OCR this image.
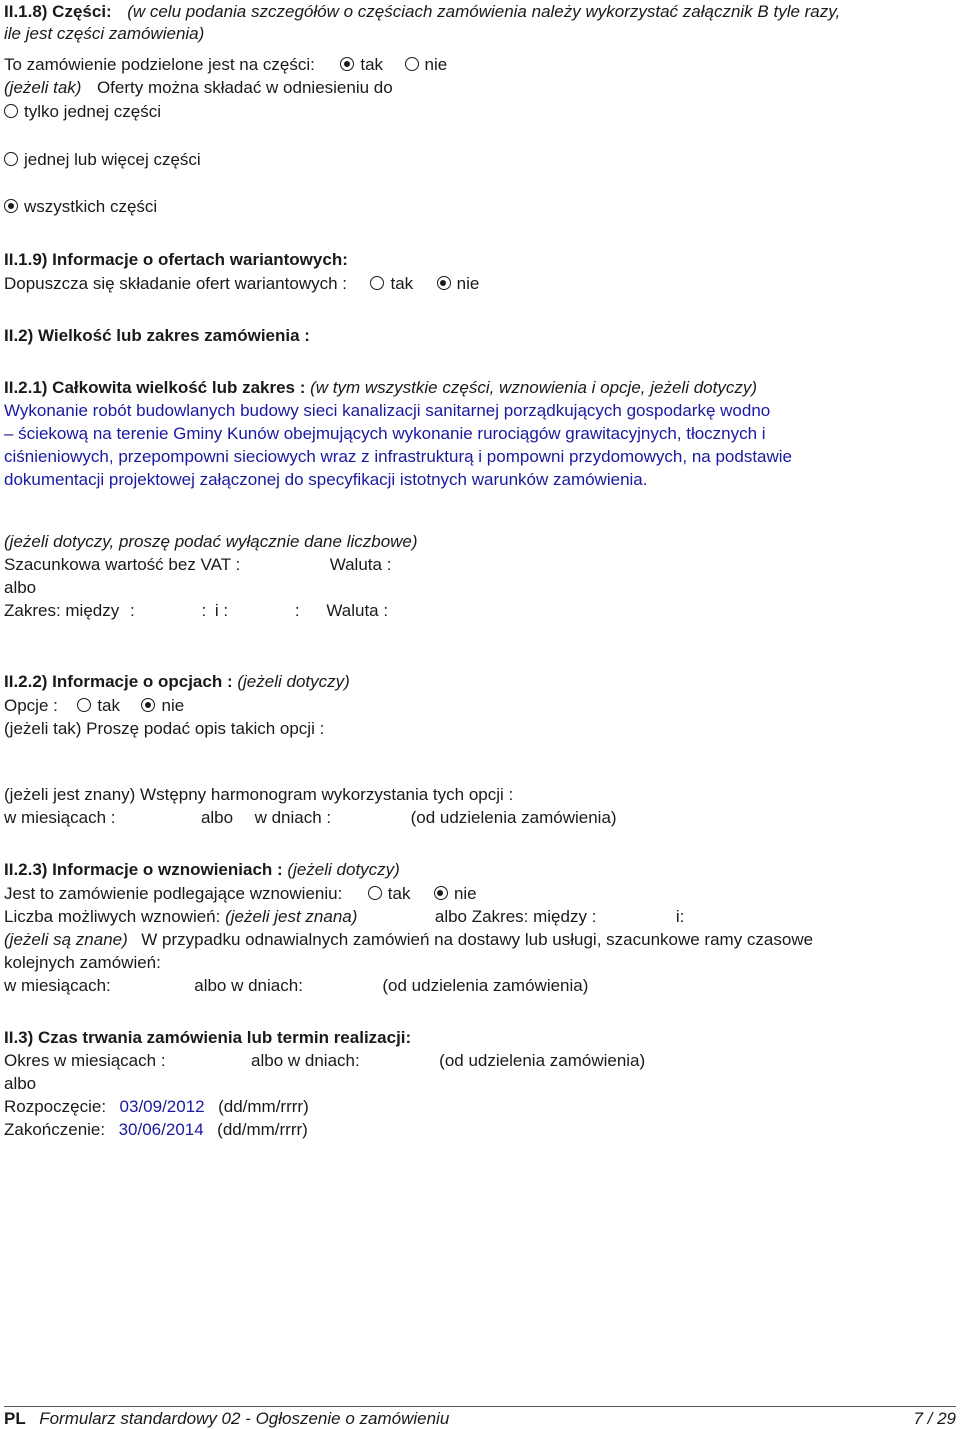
II.1.8) Części: (w celu podania szczegółów o częściach zamówienia należy wykorzystać załącznik B tyle razy,
ile jest części zamówienia)
To zamówienie podzielone jest na części:	tak nie
(jeżeli tak) Oferty można składać w odniesieniu do
tylko jednej części
jednej lub więcej części
wszystkich części
II.1.9) Informacje o ofertach wariantowych:
Dopuszcza się składanie ofert wariantowych :	tak	nie
II.2) Wielkość lub zakres zamówienia :
II.2.1) Całkowita wielkość lub zakres : (w tym wszystkie części, wznowienia i opcje, jeżeli dotyczy)
Wykonanie robót budowlanych budowy sieci kanalizacji sanitarnej porządkujących gospodarkę wodno
– ściekową na terenie Gminy Kunów obejmujących wykonanie rurociągów grawitacyjnych, tłocznych i
ciśnieniowych, przepompowni sieciowych wraz z infrastrukturą i pompowni przydomowych, na podstawie
dokumentacji projektowej załączonej do specyfikacji istotnych warunków zamówienia.
(jeżeli dotyczy, proszę podać wyłącznie dane liczbowe)
Szacunkowa wartość bez VAT :	Waluta :
albo
Zakres: między :	: i :	: Waluta :
II.2.2) Informacje o opcjach : (jeżeli dotyczy)
Opcje : tak nie
(jeżeli tak) Proszę podać opis takich opcji :
(jeżeli jest znany) Wstępny harmonogram wykorzystania tych opcji :
w miesiącach :	albo w dniach :	(od udzielenia zamówienia)
II.2.3) Informacje o wznowieniach : (jeżeli dotyczy)
Jest to zamówienie podlegające wznowieniu:	tak	nie
Liczba możliwych wznowień: (jeżeli jest znana)	albo Zakres: między :	i:
(jeżeli są znane) W przypadku odnawialnych zamówień na dostawy lub usługi, szacunkowe ramy czasowe
kolejnych zamówień:
w miesiącach:	albo w dniach:	(od udzielenia zamówienia)
II.3) Czas trwania zamówienia lub termin realizacji:
Okres w miesiącach :	albo w dniach:	(od udzielenia zamówienia)
albo
Rozpoczęcie: 03/09/2012 (dd/mm/rrrr)
Zakończenie: 30/06/2014 (dd/mm/rrrr)
PL Formularz standardowy 02 - Ogłoszenie o zamówieniu	7 / 29
